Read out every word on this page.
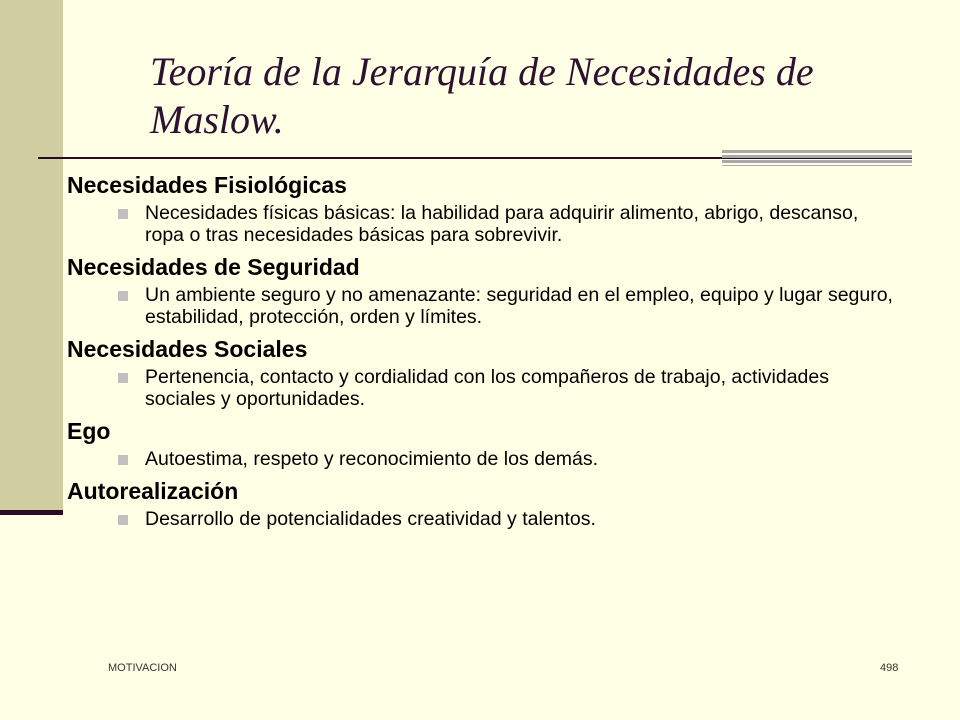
Teoría de la Jerarquía de Necesidades de Maslow.

Necesidades Fisiológicas

Necesidades físicas básicas: la habilidad para adquirir alimento, abrigo, descanso, ropa o tras necesidades básicas para sobrevivir.

Necesidades de Seguridad

Un ambiente seguro y no amenazante: seguridad en el empleo, equipo y lugar seguro, estabilidad, protección, orden y límites.

Necesidades Sociales

Pertenencia, contacto y cordialidad con los compañeros de trabajo, actividades sociales y oportunidades.

Ego

Autoestima, respeto y reconocimiento de los demás.

Autorealización

Desarrollo de potencialidades creatividad y talentos.
MOTIVACION	498
